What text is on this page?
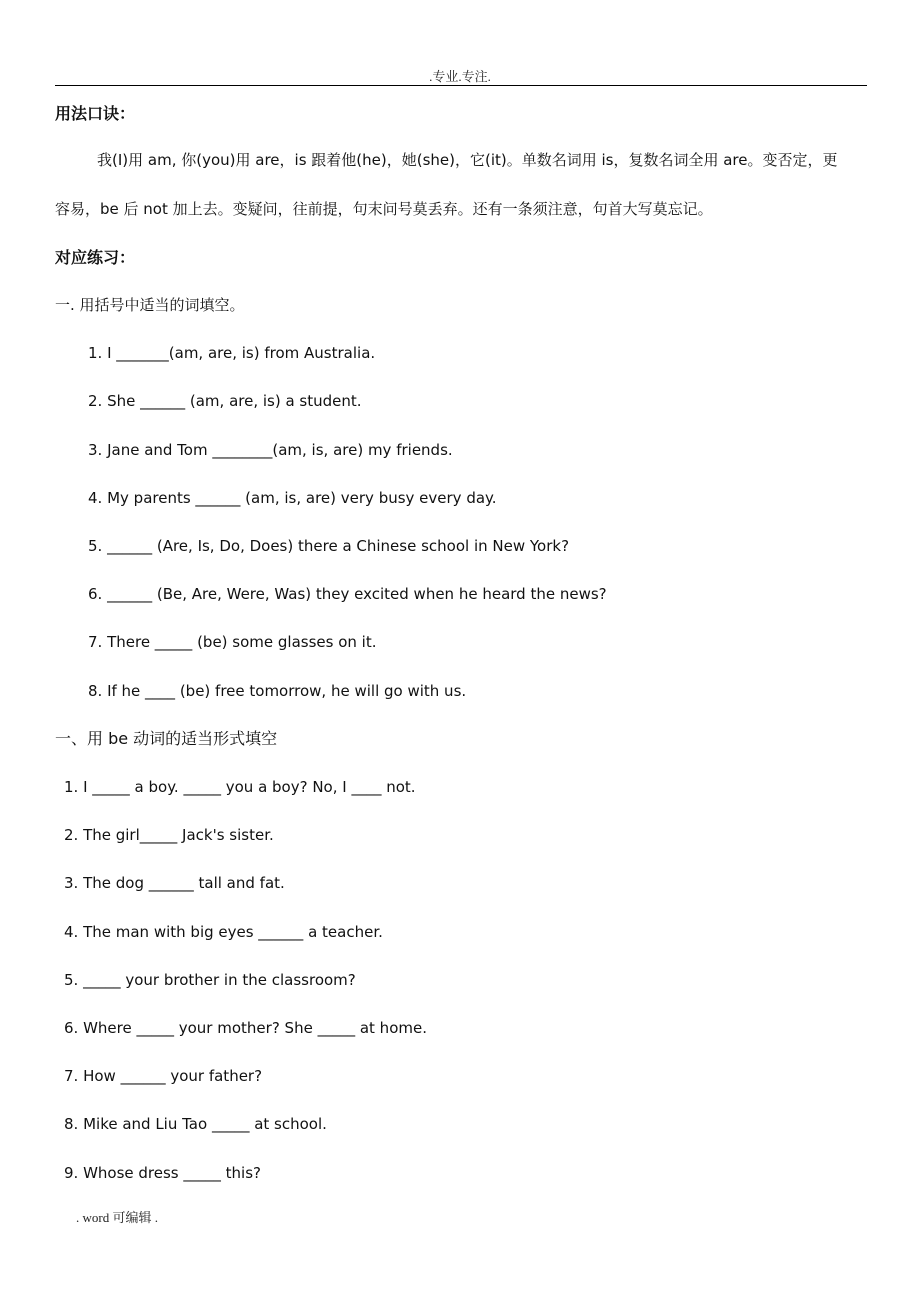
.专业.专注.
用法口诀：
我(I)用 am, 你(you)用 are，is 跟着他(he)，她(she)，它(it)。单数名词用 is，复数名词全用 are。变否定，更
容易，be 后 not 加上去。变疑问，往前提，句末问号莫丢弃。还有一条须注意，句首大写莫忘记。
对应练习：
一. 用括号中适当的词填空。
1. I _______(am, are, is) from Australia.
2. She ______ (am, are, is) a student.
3. Jane and Tom ________(am, is, are) my friends.
4. My parents ______ (am, is, are) very busy every day.
5. ______ (Are, Is, Do, Does) there a Chinese school in New York?
6. ______ (Be, Are, Were, Was) they excited when he heard the news?
7. There _____ (be) some glasses on it.
8. If he ____ (be) free tomorrow, he will go with us.
一、用 be 动词的适当形式填空
1. I _____ a boy. _____ you a boy? No, I ____ not.
2. The girl_____ Jack's sister.
3. The dog ______ tall and fat.
4. The man with big eyes ______ a teacher.
5. _____ your brother in the classroom?
6. Where _____ your mother? She _____ at home.
7. How ______ your father?
8. Mike and Liu Tao _____ at school.
9. Whose dress _____ this?
. word 可编辑 .
